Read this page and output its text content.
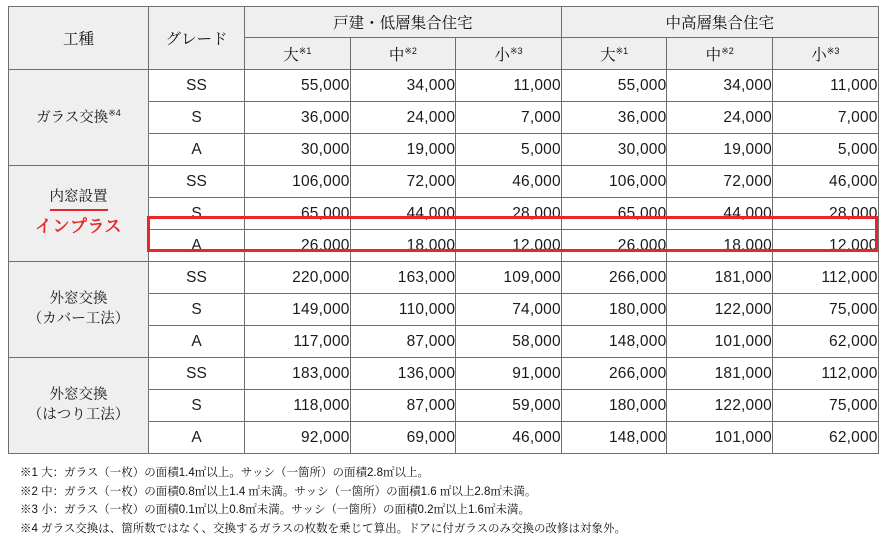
工種	グレード	戸建・低層集合住宅			中高層集合住宅		
		大$^{※1}$	中$^{※2}$	小$^{※3}$	大$^{※1}$	中$^{※2}$	小$^{※3}$
ガラス交換$^{※4}$	SS	55,000	34,000	11,000	55,000	34,000	11,000
	S	36,000	24,000	7,000	36,000	24,000	7,000
	A	30,000	19,000	5,000	30,000	19,000	5,000
内窓設置
インプラス	SS	106,000	72,000	46,000	106,000	72,000	46,000
	S	65,000	44,000	28,000	65,000	44,000	28,000
	A	26,000	18,000	12,000	26,000	18,000	12,000
外窓交換
（カバー工法）	SS	220,000	163,000	109,000	266,000	181,000	112,000
	S	149,000	110,000	74,000	180,000	122,000	75,000
	A	117,000	87,000	58,000	148,000	101,000	62,000
外窓交換
（はつり工法）	SS	183,000	136,000	91,000	266,000	181,000	112,000
	S	118,000	87,000	59,000	180,000	122,000	75,000
	A	92,000	69,000	46,000	148,000	101,000	62,000
※1 大：ガラス（一枚）の面積1.4㎡以上。サッシ（一箇所）の面積2.8㎡以上。
※2 中：ガラス（一枚）の面積0.8㎡以上1.4 ㎡未満。サッシ（一箇所）の面積1.6 ㎡以上2.8㎡未満。
※3 小：ガラス（一枚）の面積0.1㎡以上0.8㎡未満。サッシ（一箇所）の面積0.2㎡以上1.6㎡未満。
※4 ガラス交換は、箇所数ではなく、交換するガラスの枚数を乗じて算出。ドアに付ガラスのみ交換の改修は対象外。
